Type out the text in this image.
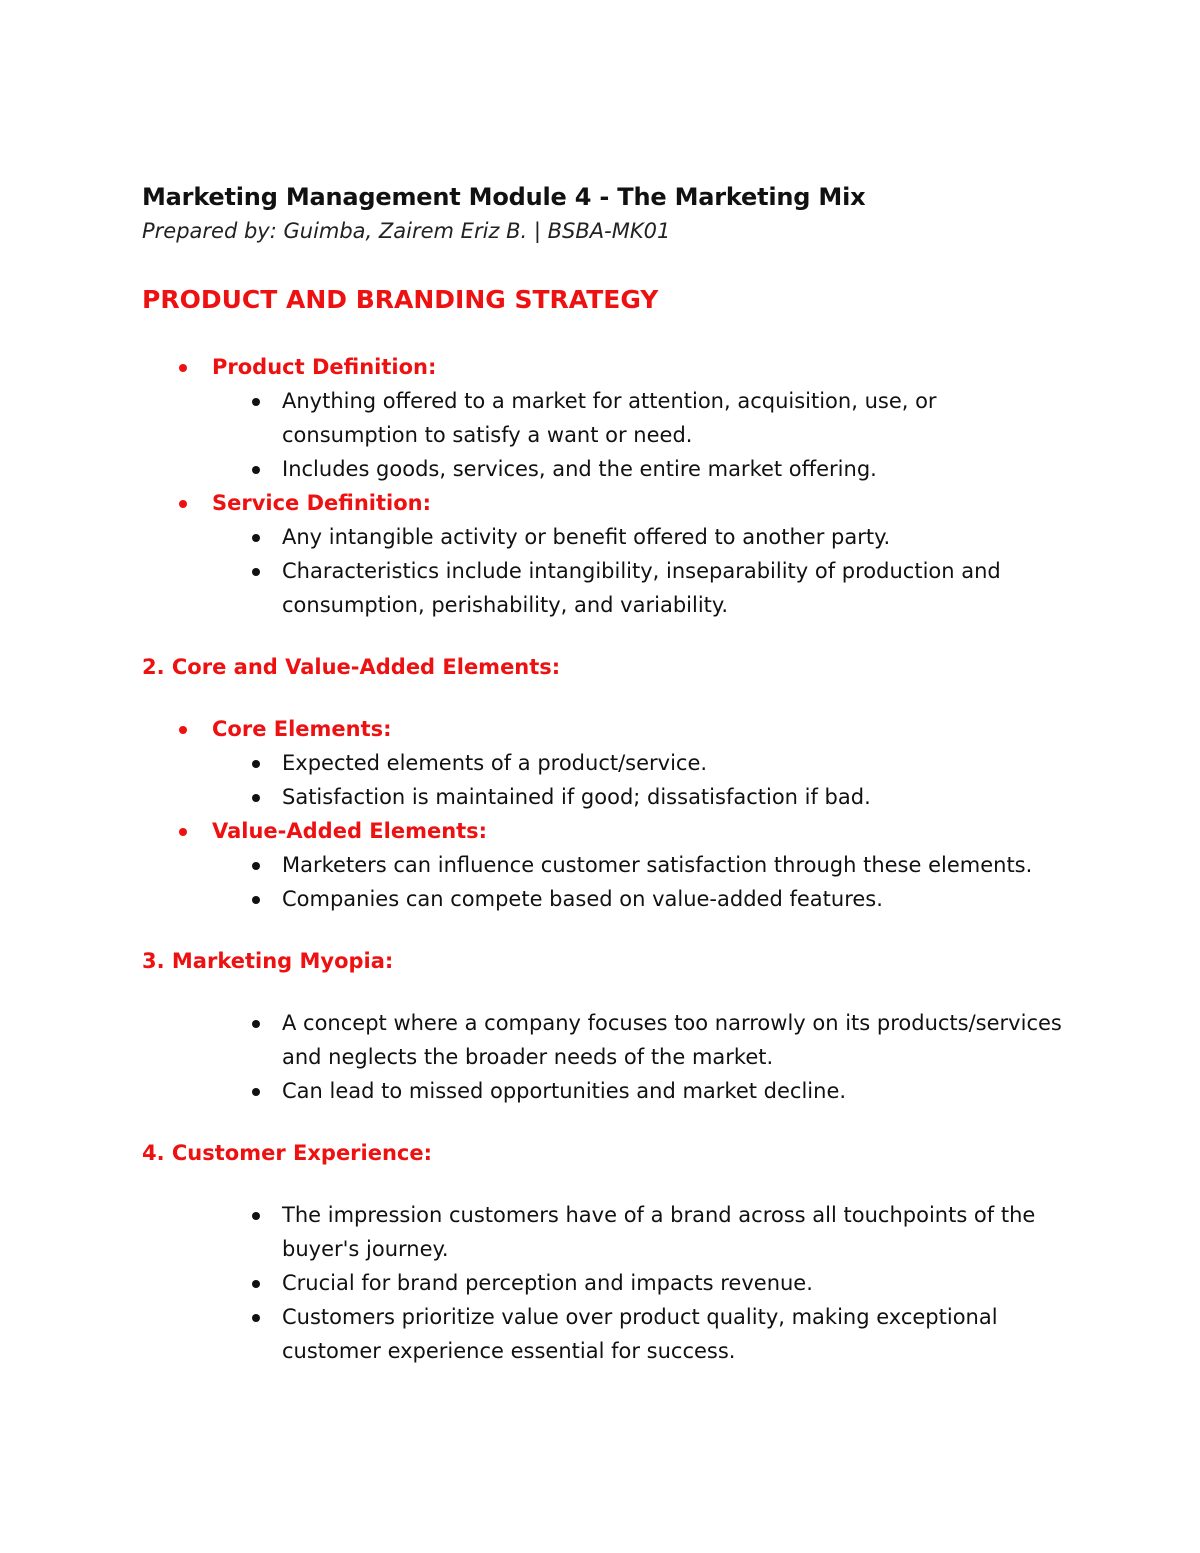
Marketing Management Module 4 - The Marketing Mix
Prepared by: Guimba, Zairem Eriz B. | BSBA-MK01
PRODUCT AND BRANDING STRATEGY
Product Definition:
Anything offered to a market for attention, acquisition, use, or consumption to satisfy a want or need.
Includes goods, services, and the entire market offering.
Service Definition:
Any intangible activity or benefit offered to another party.
Characteristics include intangibility, inseparability of production and consumption, perishability, and variability.
2. Core and Value-Added Elements:
Core Elements:
Expected elements of a product/service.
Satisfaction is maintained if good; dissatisfaction if bad.
Value-Added Elements:
Marketers can influence customer satisfaction through these elements.
Companies can compete based on value-added features.
3. Marketing Myopia:
A concept where a company focuses too narrowly on its products/services and neglects the broader needs of the market.
Can lead to missed opportunities and market decline.
4. Customer Experience:
The impression customers have of a brand across all touchpoints of the buyer's journey.
Crucial for brand perception and impacts revenue.
Customers prioritize value over product quality, making exceptional customer experience essential for success.
